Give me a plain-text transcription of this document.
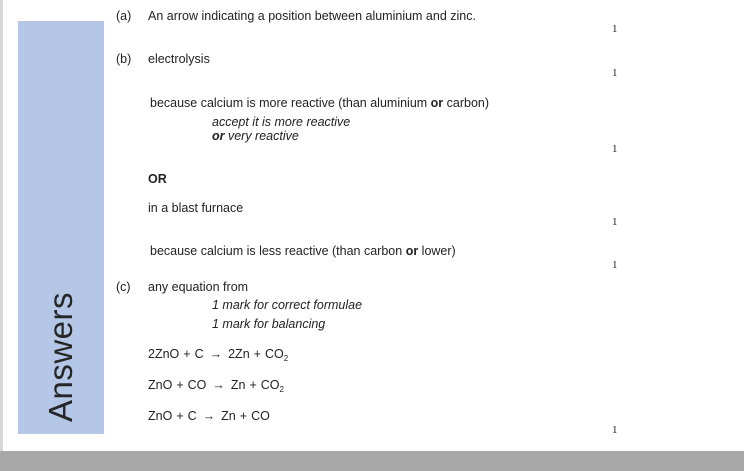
Answers
(a) An arrow indicating a position between aluminium and zinc.
1
(b) electrolysis
1
because calcium is more reactive (than aluminium or carbon)
accept it is more reactive
or very reactive
1
OR
in a blast furnace
1
because calcium is less reactive (than carbon or lower)
1
(c) any equation from
1 mark for correct formulae
1 mark for balancing
$2ZnO + C \to 2Zn + CO_2$
ZnO + CO → $Zn + CO_2$
ZnO + C → Zn + CO
1
